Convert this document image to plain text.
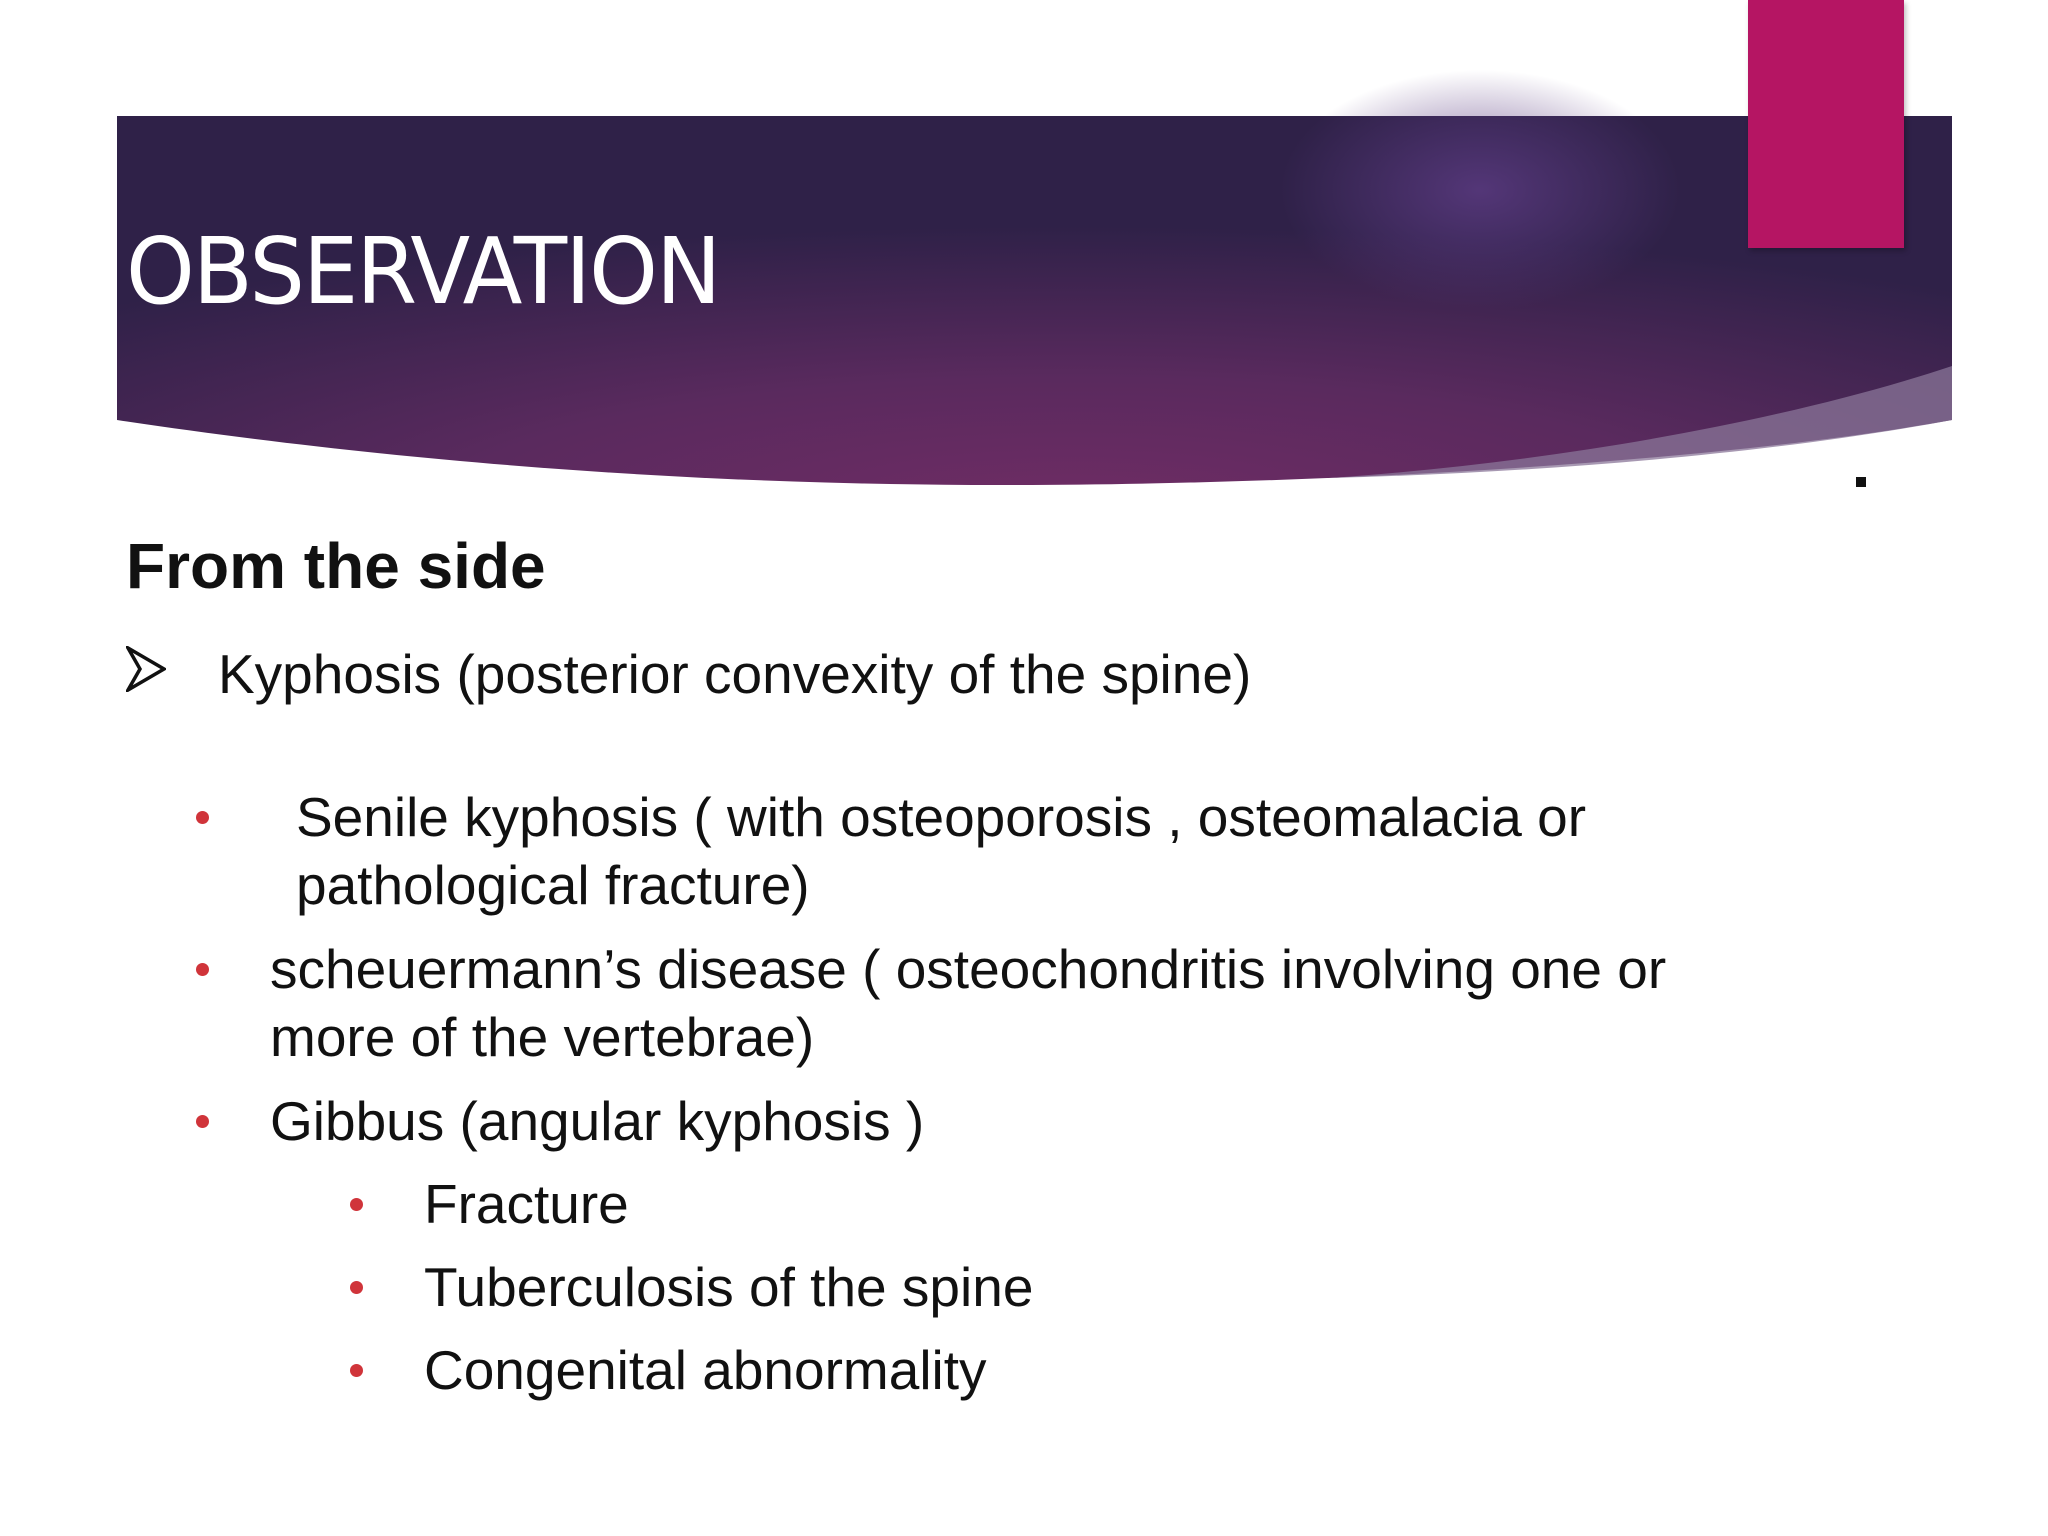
OBSERVATION
From the side
Kyphosis (posterior convexity of the spine)
Senile kyphosis ( with osteoporosis , osteomalacia or
pathological fracture)
scheuermann’s disease ( osteochondritis involving one or
more of the vertebrae)
Gibbus (angular kyphosis )
Fracture
Tuberculosis of the spine
Congenital abnormality
